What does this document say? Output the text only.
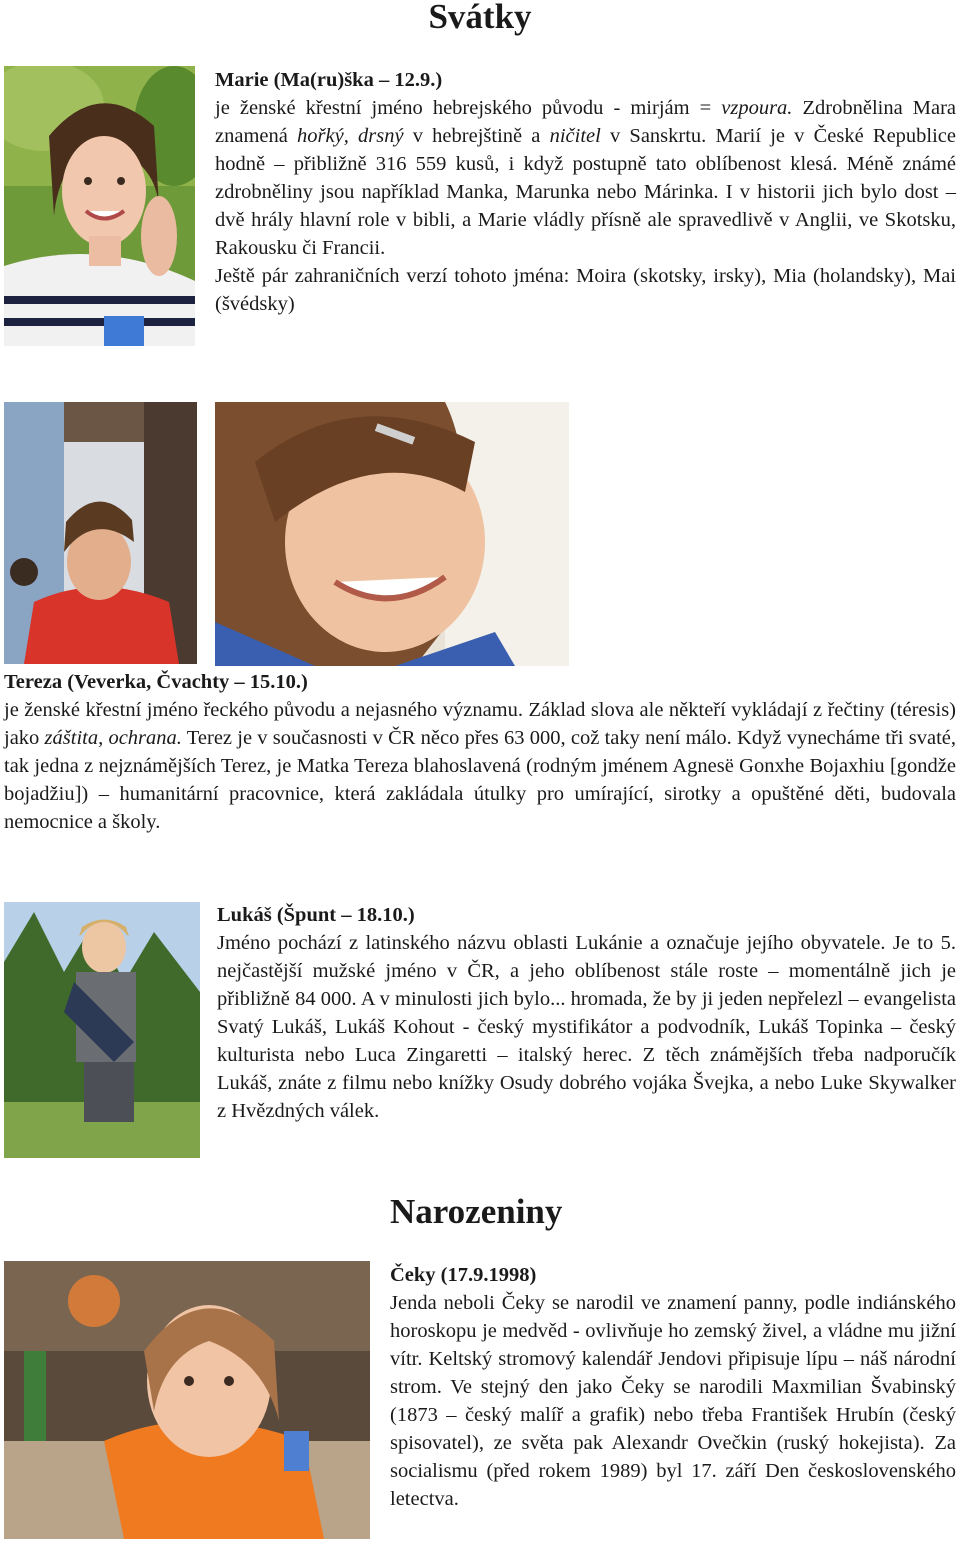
Svátky
Marie (Ma(ru)ška – 12.9.)

je ženské křestní jméno hebrejského původu - mirjám = vzpoura. Zdrobnělina Mara znamená hořký, drsný v hebrejštině a ničitel v Sanskrtu. Marií je v České Republice hodně – přibližně 316 559 kusů, i když postupně tato oblíbenost klesá. Méně známé zdrobněliny jsou například Manka, Marunka nebo Márinka. I v historii jich bylo dost – dvě hrály hlavní role v bibli, a Marie vládly přísně ale spravedlivě v Anglii, ve Skotsku, Rakousku či Francii.

Ještě pár zahraničních verzí tohoto jména: Moira (skotsky, irsky), Mia (holandsky), Mai (švédsky)

Tereza (Veverka, Čvachty – 15.10.)

je ženské křestní jméno řeckého původu a nejasného významu. Základ slova ale někteří vykládají z řečtiny (téresis) jako záštita, ochrana. Terez je v současnosti v ČR něco přes 63 000, což taky není málo. Když vynecháme tři svaté, tak jedna z nejznámějších Terez, je Matka Tereza blahoslavená (rodným jménem Agnesë Gonxhe Bojaxhiu [gondže bojadžiu]) – humanitární pracovnice, která zakládala útulky pro umírající, sirotky a opuštěné děti, budovala nemocnice a školy.

Lukáš (Špunt – 18.10.)

Jméno pochází z latinského názvu oblasti Lukánie a označuje jejího obyvatele. Je to 5. nejčastější mužské jméno v ČR, a jeho oblíbenost stále roste – momentálně jich je přibližně 84 000. A v minulosti jich bylo... hromada, že by ji jeden nepřelezl – evangelista Svatý Lukáš, Lukáš Kohout - český mystifikátor a podvodník, Lukáš Topinka – český kulturista nebo Luca Zingaretti – italský herec. Z těch známějších třeba nadporučík Lukáš, znáte z filmu nebo knížky Osudy dobrého vojáka Švejka, a nebo Luke Skywalker z Hvězdných válek.

Narozeniny
Čeky (17.9.1998)

Jenda neboli Čeky se narodil ve znamení panny, podle indiánského horoskopu je medvěd - ovlivňuje ho zemský živel, a vládne mu jižní vítr. Keltský stromový kalendář Jendovi připisuje lípu – náš národní strom. Ve stejný den jako Čeky se narodili Maxmilian Švabinský (1873 – český malíř a grafik) nebo třeba František Hrubín (český spisovatel), ze světa pak Alexandr Ovečkin (ruský hokejista). Za socialismu (před rokem 1989) byl 17. září Den československého letectva.
